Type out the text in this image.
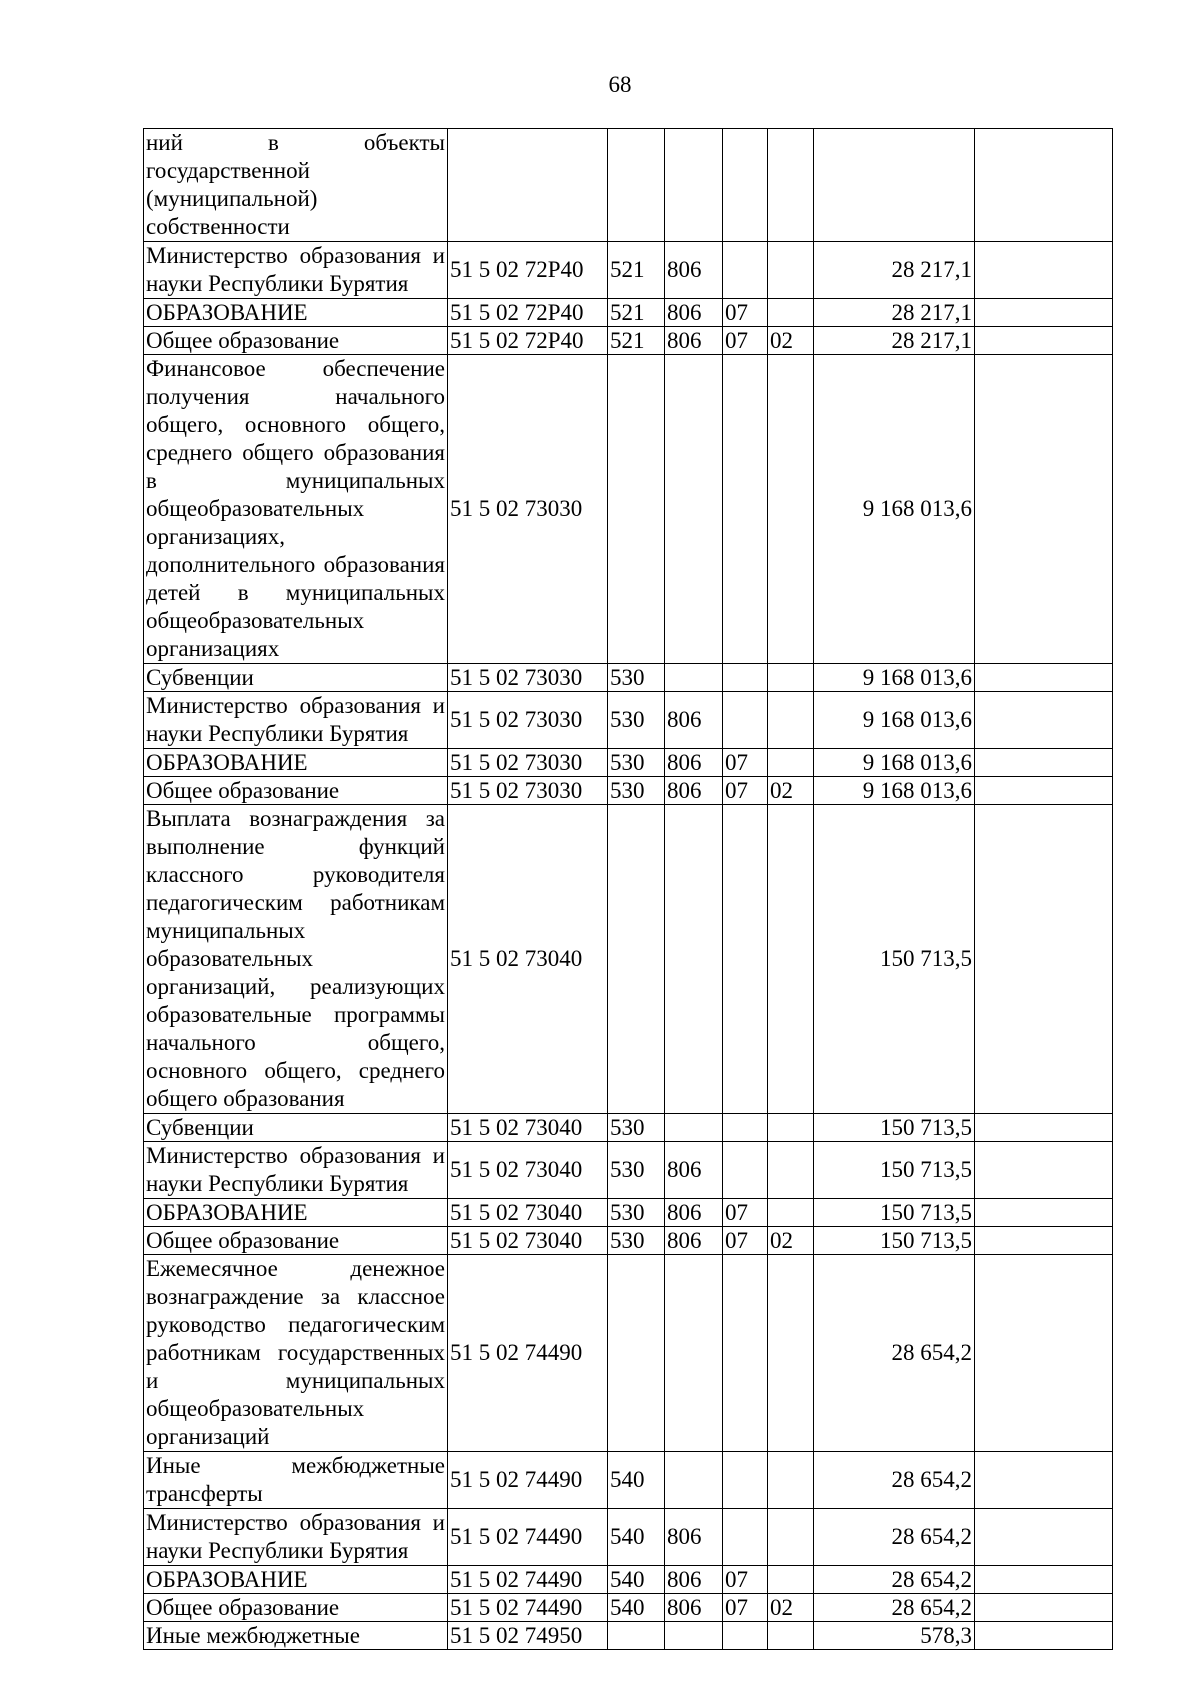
68
ний в объекты государственной (муниципальной) собственности							
Министерство образования и науки Республики Бурятия	51 5 02 72Р40	521	806			28 217,1	
ОБРАЗОВАНИЕ	51 5 02 72Р40	521	806	07		28 217,1	
Общее образование	51 5 02 72Р40	521	806	07	02	28 217,1	
Финансовое обеспечение получения начального общего, основного общего, среднего общего образования в муниципальных общеобразовательных организациях, дополнительного образования детей в муниципальных общеобразовательных организациях	51 5 02 73030					9 168 013,6	
Субвенции	51 5 02 73030	530				9 168 013,6	
Министерство образования и науки Республики Бурятия	51 5 02 73030	530	806			9 168 013,6	
ОБРАЗОВАНИЕ	51 5 02 73030	530	806	07		9 168 013,6	
Общее образование	51 5 02 73030	530	806	07	02	9 168 013,6	
Выплата вознаграждения за выполнение функций классного руководителя педагогическим работникам муниципальных образовательных организаций, реализующих образовательные программы начального общего, основного общего, среднего общего образования	51 5 02 73040					150 713,5	
Субвенции	51 5 02 73040	530				150 713,5	
Министерство образования и науки Республики Бурятия	51 5 02 73040	530	806			150 713,5	
ОБРАЗОВАНИЕ	51 5 02 73040	530	806	07		150 713,5	
Общее образование	51 5 02 73040	530	806	07	02	150 713,5	
Ежемесячное денежное вознаграждение за классное руководство педагогическим работникам государственных и муниципальных общеобразовательных организаций	51 5 02 74490					28 654,2	
Иные межбюджетные трансферты	51 5 02 74490	540				28 654,2	
Министерство образования и науки Республики Бурятия	51 5 02 74490	540	806			28 654,2	
ОБРАЗОВАНИЕ	51 5 02 74490	540	806	07		28 654,2	
Общее образование	51 5 02 74490	540	806	07	02	28 654,2	
Иные межбюджетные	51 5 02 74950					578,3	
